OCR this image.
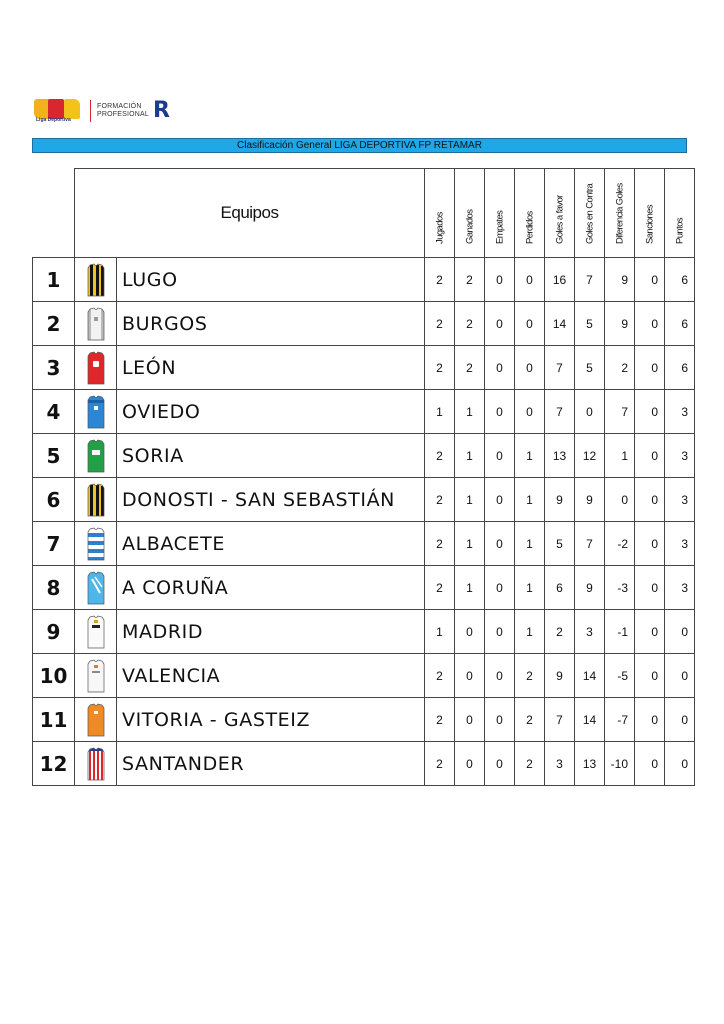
Liga Deportiva
FORMACIÓN
PROFESIONAL R
Clasificación General LIGA DEPORTIVA FP RETAMAR
	Equipos		Jugados	Ganados	Empates	Perdidos	Goles a favor	Goles en Contra	Diferencia Goles	Sanciones	Puntos

1		LUGO	2	2	0	0	16	7	9	0	6
2		BURGOS	2	2	0	0	14	5	9	0	6
3		LEÓN	2	2	0	0	7	5	2	0	6
4		OVIEDO	1	1	0	0	7	0	7	0	3
5		SORIA	2	1	0	1	13	12	1	0	3
6		DONOSTI - SAN SEBASTIÁN	2	1	0	1	9	9	0	0	3
7		ALBACETE	2	1	0	1	5	7	-2	0	3
8		A CORUÑA	2	1	0	1	6	9	-3	0	3
9		MADRID	1	0	0	1	2	3	-1	0	0
10		VALENCIA	2	0	0	2	9	14	-5	0	0
11		VITORIA - GASTEIZ	2	0	0	2	7	14	-7	0	0
12		SANTANDER	2	0	0	2	3	13	-10	0	0
